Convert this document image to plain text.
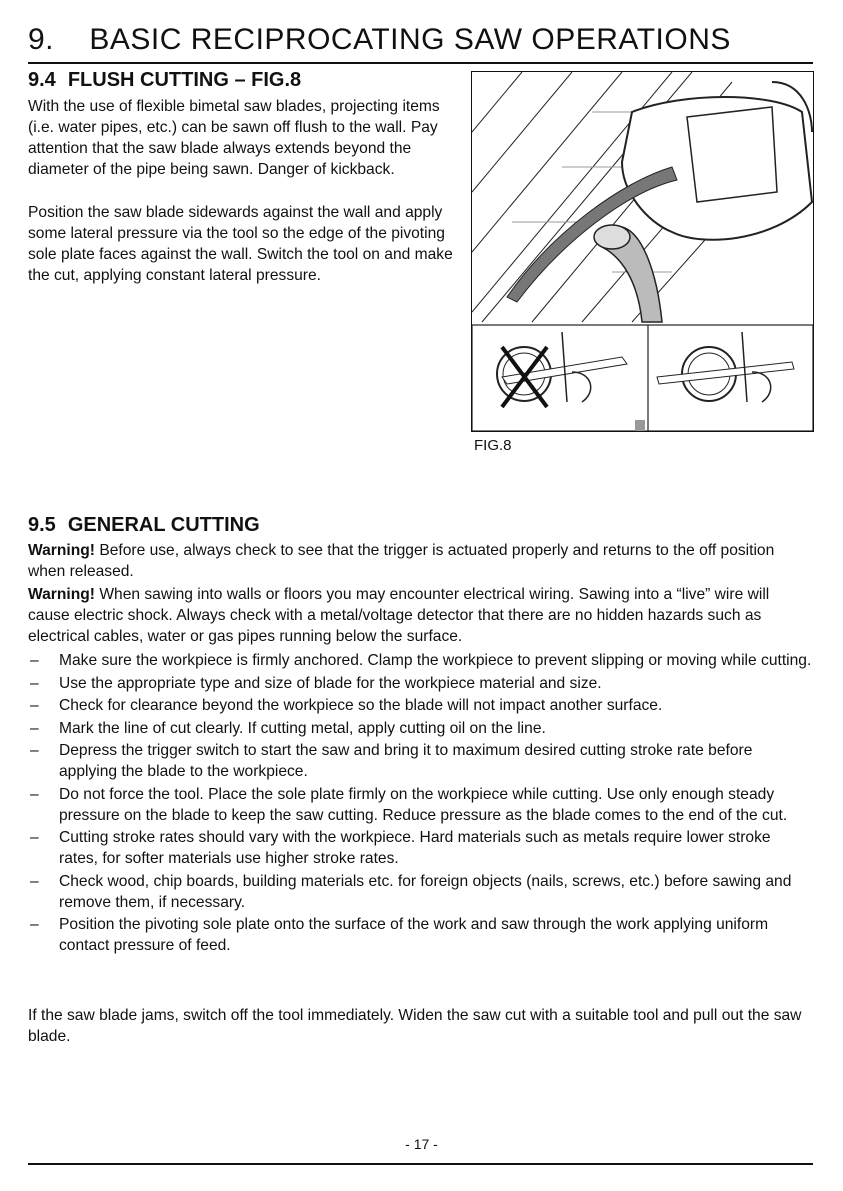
9.    BASIC RECIPROCATING SAW OPERATIONS
9.4 FLUSH CUTTING – FIG.8
With the use of flexible bimetal saw blades, projecting items (i.e. water pipes, etc.) can be sawn off flush to the wall. Pay attention that the saw blade always extends beyond the diameter of the pipe being sawn. Danger of kickback.
Position the saw blade sidewards against the wall and apply some lateral pressure via the tool so the edge of the pivoting sole plate faces against the wall. Switch the tool on and make the cut, applying constant lateral pressure.
FIG.8
9.5 GENERAL CUTTING
Warning! Before use, always check to see that the trigger is actuated properly and returns to the off position when released.
Warning! When sawing into walls or floors you may encounter electrical wiring. Sawing into a “live” wire will cause electric shock. Always check with a metal/voltage detector that there are no hidden hazards such as electrical cables, water or gas pipes running below the surface.
– Make sure the workpiece is firmly anchored. Clamp the workpiece to prevent slipping or moving while cutting.
– Use the appropriate type and size of blade for the workpiece material and size.
– Check for clearance beyond the workpiece so the blade will not impact another surface.
– Mark the line of cut clearly. If cutting metal, apply cutting oil on the line.
– Depress the trigger switch to start the saw and bring it to maximum desired cutting stroke rate before applying the blade to the workpiece.
– Do not force the tool. Place the sole plate firmly on the workpiece while cutting. Use only enough steady pressure on the blade to keep the saw cutting. Reduce pressure as the blade comes to the end of the cut.
– Cutting stroke rates should vary with the workpiece. Hard materials such as metals require lower stroke rates, for softer materials use higher stroke rates.
– Check wood, chip boards, building materials etc. for foreign objects (nails, screws, etc.) before sawing and remove them, if necessary.
– Position the pivoting sole plate onto the surface of the work and saw through the work applying uniform contact pressure of feed.
If the saw blade jams, switch off the tool immediately. Widen the saw cut with a suitable tool and pull out the saw blade.
- 17 -
